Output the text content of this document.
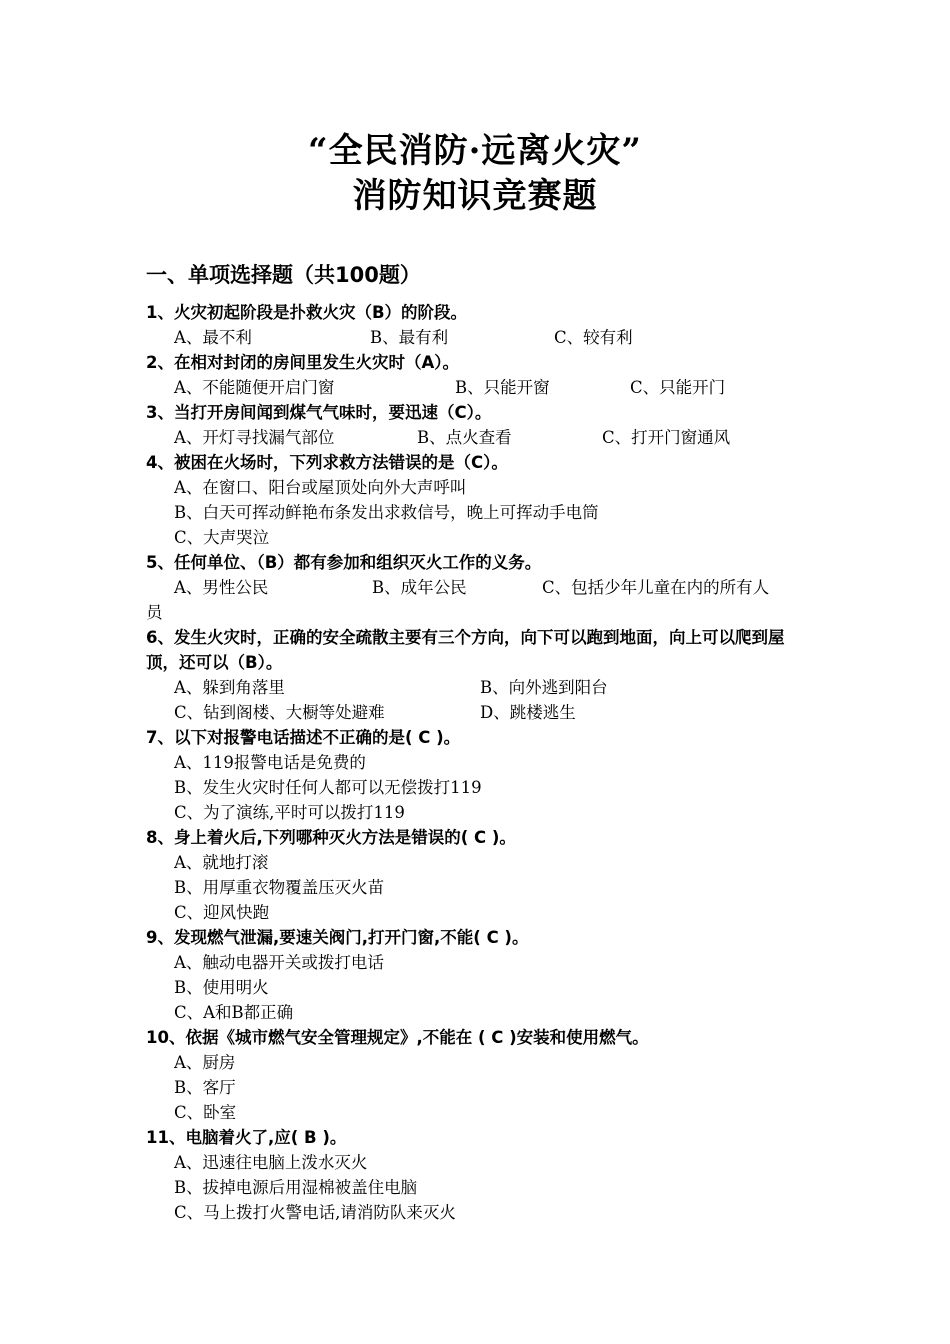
“全民消防·远离火灾”
消防知识竞赛题
一、单项选择题（共100题）
1、火灾初起阶段是扑救火灾（B）的阶段。
A、最不利	B、最有利	C、较有利
2、在相对封闭的房间里发生火灾时（A）。
A、不能随便开启门窗	B、只能开窗	C、只能开门
3、当打开房间闻到煤气气味时，要迅速（C）。
A、开灯寻找漏气部位	B、点火查看	C、打开门窗通风
4、被困在火场时，下列求救方法错误的是（C）。
A、在窗口、阳台或屋顶处向外大声呼叫
B、白天可挥动鲜艳布条发出求救信号，晚上可挥动手电筒
C、大声哭泣
5、任何单位、（B）都有参加和组织灭火工作的义务。
A、男性公民	B、成年公民	C、包括少年儿童在内的所有人
员
6、发生火灾时，正确的安全疏散主要有三个方向，向下可以跑到地面，向上可以爬到屋顶，还可以（B）。
A、躲到角落里	B、向外逃到阳台
C、钻到阁楼、大橱等处避难	D、跳楼逃生
7、以下对报警电话描述不正确的是( C )。
A、119报警电话是免费的
B、发生火灾时任何人都可以无偿拨打119
C、为了演练,平时可以拨打119
8、身上着火后,下列哪种灭火方法是错误的( C )。
A、就地打滚
B、用厚重衣物覆盖压灭火苗
C、迎风快跑
9、发现燃气泄漏,要速关阀门,打开门窗,不能( C )。
A、触动电器开关或拨打电话
B、使用明火
C、A和B都正确
10、依据《城市燃气安全管理规定》,不能在 ( C )安装和使用燃气。
A、厨房
B、客厅
C、卧室
11、电脑着火了,应( B )。
A、迅速往电脑上泼水灭火
B、拔掉电源后用湿棉被盖住电脑
C、马上拨打火警电话,请消防队来灭火
